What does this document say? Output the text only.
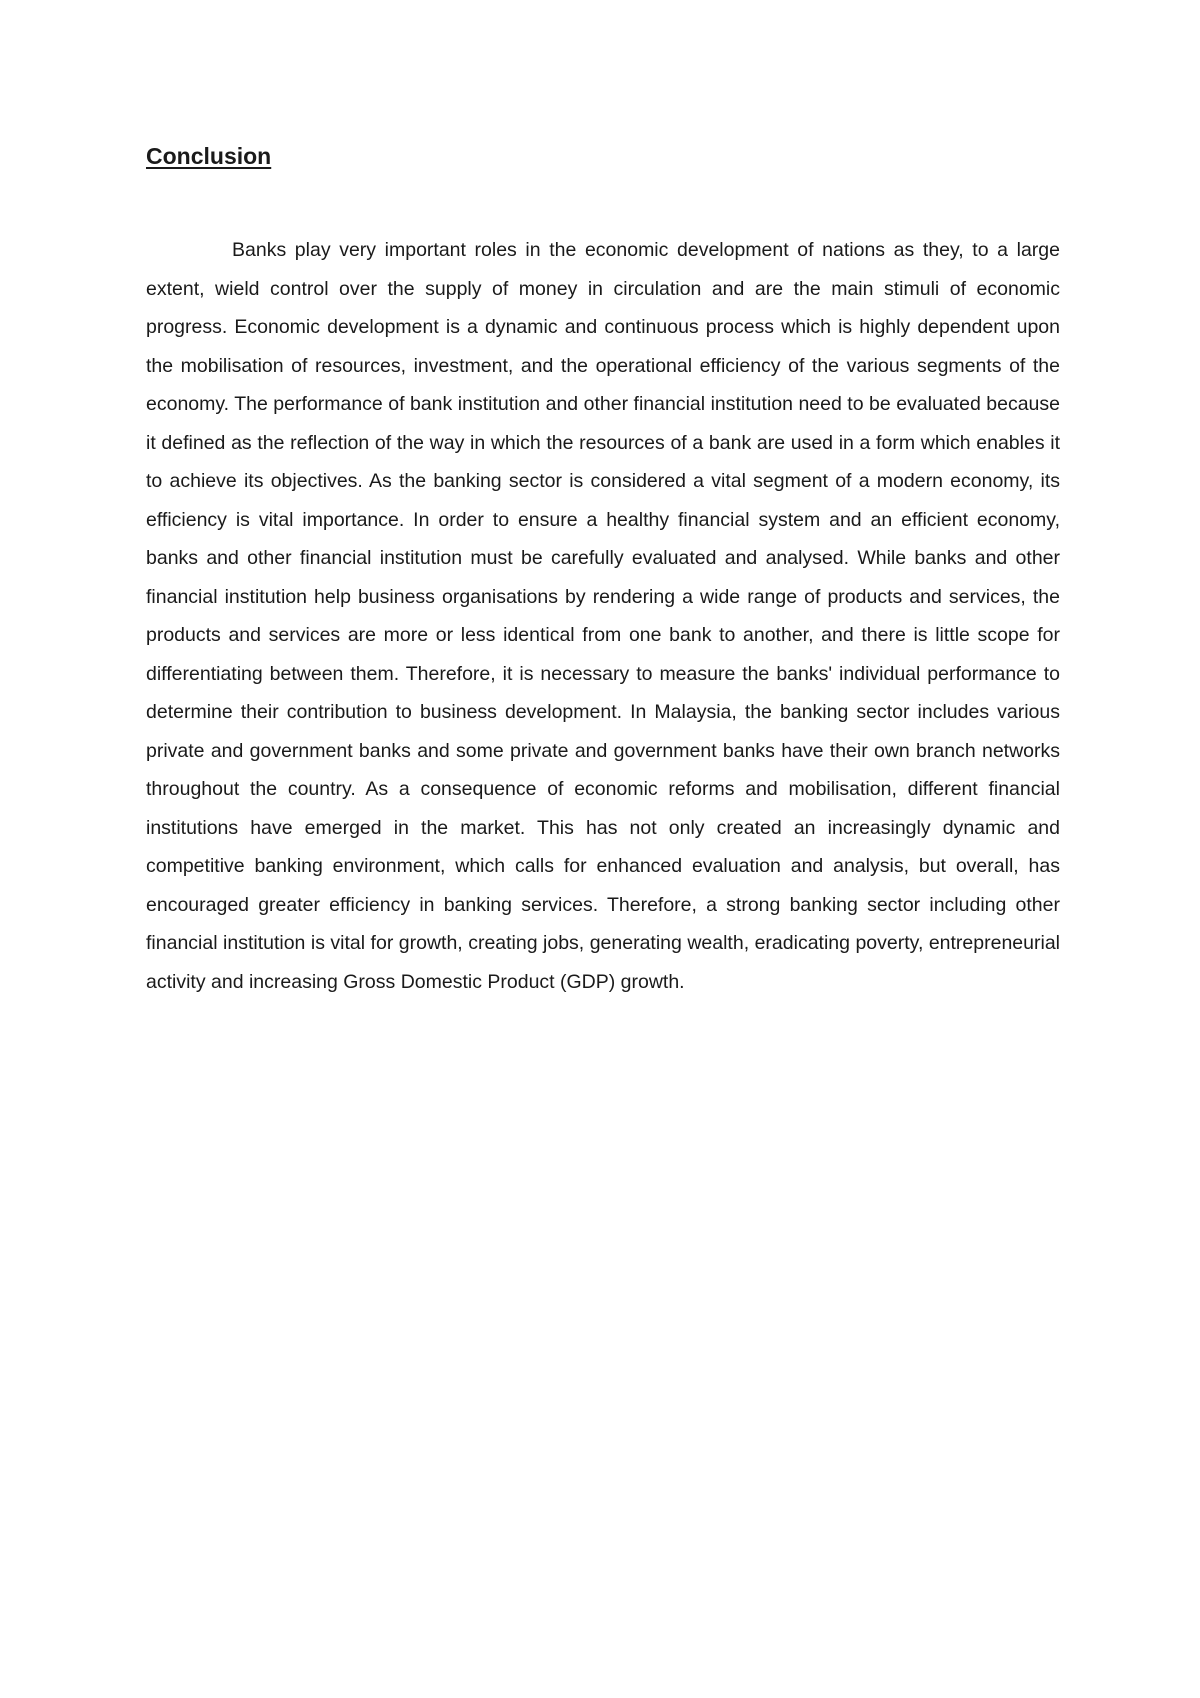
Conclusion

Banks play very important roles in the economic development of nations as they, to a large extent, wield control over the supply of money in circulation and are the main stimuli of economic progress. Economic development is a dynamic and continuous process which is highly dependent upon the mobilisation of resources, investment, and the operational efficiency of the various segments of the economy. The performance of bank institution and other financial institution need to be evaluated because it defined as the reflection of the way in which the resources of a bank are used in a form which enables it to achieve its objectives. As the banking sector is considered a vital segment of a modern economy, its efficiency is vital importance. In order to ensure a healthy financial system and an efficient economy, banks and other financial institution must be carefully evaluated and analysed. While banks and other financial institution help business organisations by rendering a wide range of products and services, the products and services are more or less identical from one bank to another, and there is little scope for differentiating between them. Therefore, it is necessary to measure the banks' individual performance to determine their contribution to business development. In Malaysia, the banking sector includes various private and government banks and some private and government banks have their own branch networks throughout the country. As a consequence of economic reforms and mobilisation, different financial institutions have emerged in the market. This has not only created an increasingly dynamic and competitive banking environment, which calls for enhanced evaluation and analysis, but overall, has encouraged greater efficiency in banking services. Therefore, a strong banking sector including other financial institution is vital for growth, creating jobs, generating wealth, eradicating poverty, entrepreneurial activity and increasing Gross Domestic Product (GDP) growth.
